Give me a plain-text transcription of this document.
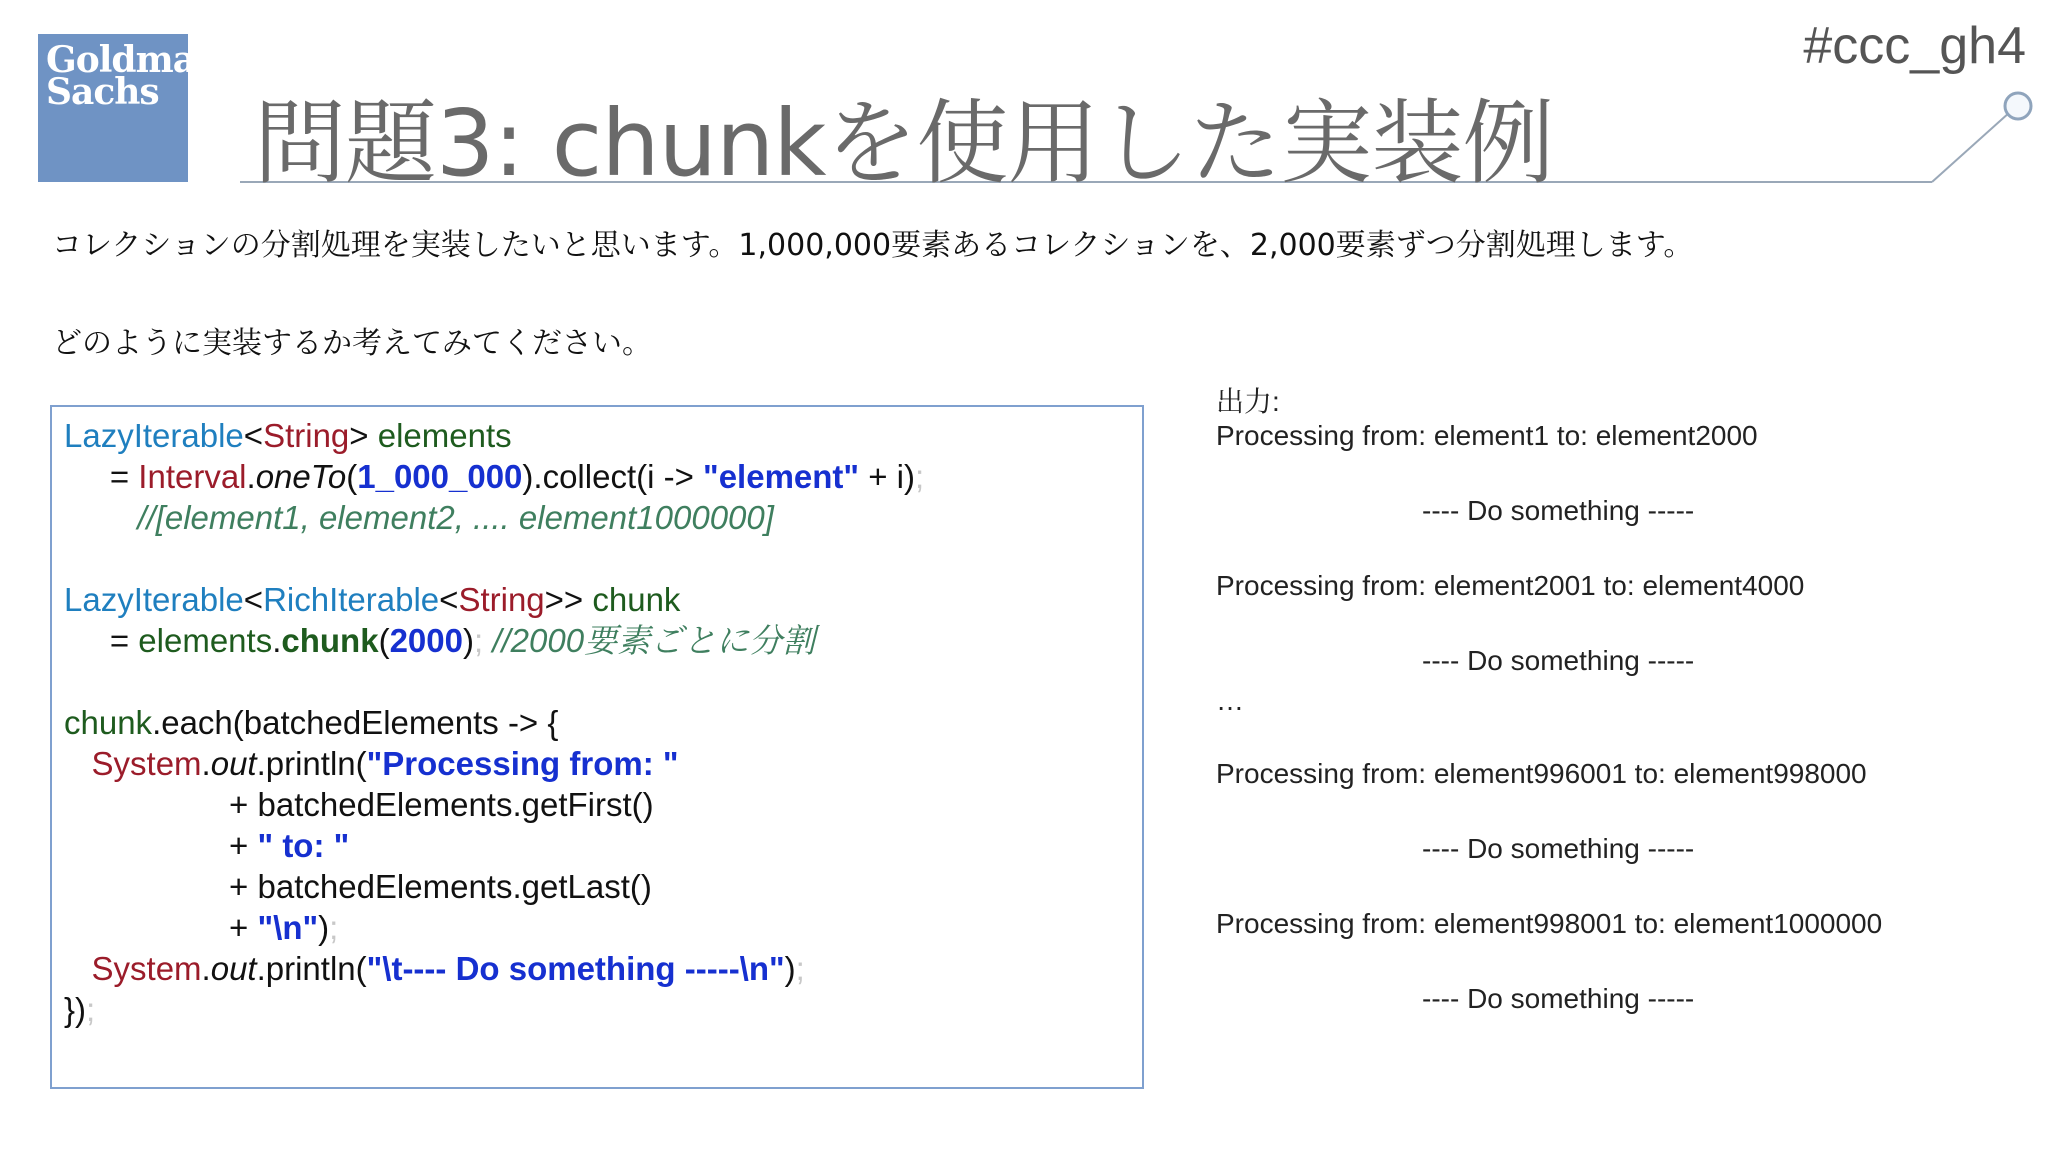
Goldman
Sachs
#ccc_gh4
問題3: chunkを使用した実装例
コレクションの分割処理を実装したいと思います。1,000,000要素あるコレクションを、2,000要素ずつ分割処理します。
どのように実装するか考えてみてください。
LazyIterable<String> elements
= Interval.oneTo(1_000_000).collect(i -> "element" + i);
//[element1, element2, .... element1000000]
LazyIterable<RichIterable<String>> chunk
= elements.chunk(2000); //2000要素ごとに分割
chunk.each(batchedElements -> {
System.out.println("Processing from: "
+ batchedElements.getFirst()
+ " to: "
+ batchedElements.getLast()
+ "\n");
System.out.println("\t---- Do something -----\n");
});
出力:
Processing from: element1 to: element2000
---- Do something -----
Processing from: element2001 to: element4000
---- Do something -----
…
Processing from: element996001 to: element998000
---- Do something -----
Processing from: element998001 to: element1000000
---- Do something -----
